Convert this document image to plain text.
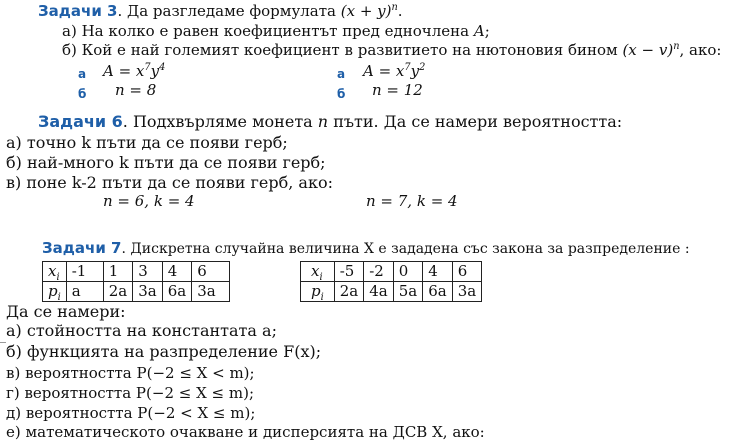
Задачи 3. Да разгледаме формулата $(x + y)^n$.
а) На колко е равен коефициентът пред едночлена A;
б) Кой е най големият коефициент в развитието на нютоновия бином $(x - v)^n$, ако:
а $A = x^7y^4$
б n = 8
а $A = x^7y^2$
б n = 12
Задачи 6. Подхвърляме монета n пъти. Да се намери вероятността:
а) точно k пъти да се появи герб;
б) най-много k пъти да се появи герб;
в) поне k-2 пъти да се появи герб, ако:
n = 6, k = 4	n = 7, k = 4
Задачи 7. Дискретна случайна величина X е зададена със закона за разпределение :
$x_i$	-1	1	3	4	6
$p_i$	a	2a	3a	6a	3a
$x_i$	-5	-2	0	4	6
$p_i$	2a	4a	5a	6a	3a
Да се намери:
а) стойността на константата a;
б) функцията на разпределение F(x);
в) вероятността P(−2 ≤ X < m);
г) вероятността P(−2 ≤ X ≤ m);
д) вероятността P(−2 < X ≤ m);
е) математическото очакване и дисперсията на ДСВ X, ако:
